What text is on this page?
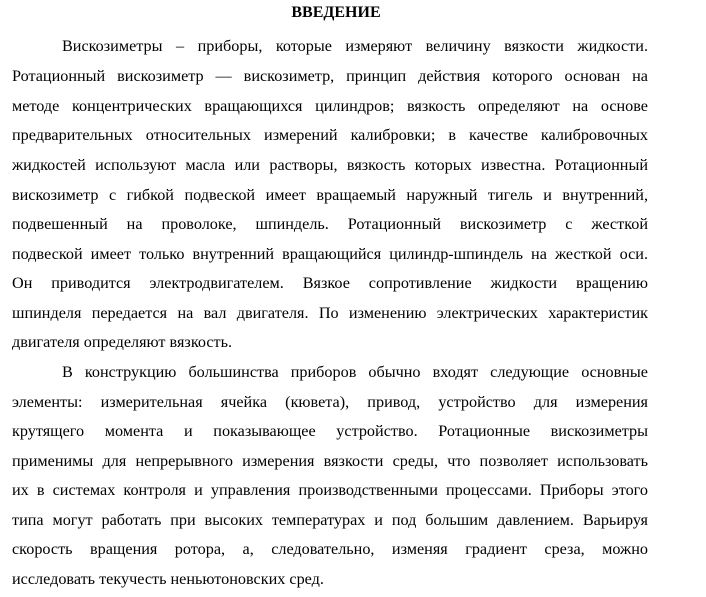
ВВЕДЕНИЕ
Вискозиметры – приборы, которые измеряют величину вязкости жидкости.
Ротационный вискозиметр — вискозиметр, принцип действия которого основан на
методе концентрических вращающихся цилиндров; вязкость определяют на основе
предварительных относительных измерений калибровки; в качестве калибровочных
жидкостей используют масла или растворы, вязкость которых известна. Ротационный
вискозиметр с гибкой подвеской имеет вращаемый наружный тигель и внутренний,
подвешенный на проволоке, шпиндель. Ротационный вискозиметр с жесткой
подвеской имеет только внутренний вращающийся цилиндр-шпиндель на жесткой оси.
Он приводится электродвигателем. Вязкое сопротивление жидкости вращению
шпинделя передается на вал двигателя. По изменению электрических характеристик
двигателя определяют вязкость.
В конструкцию большинства приборов обычно входят следующие основные
элементы: измерительная ячейка (кювета), привод, устройство для измерения
крутящего момента и показывающее устройство. Ротационные вискозиметры
применимы для непрерывного измерения вязкости среды, что позволяет использовать
их в системах контроля и управления производственными процессами. Приборы этого
типа могут работать при высоких температурах и под большим давлением. Варьируя
скорость вращения ротора, а, следовательно, изменяя градиент среза, можно
исследовать текучесть неньютоновских сред.
